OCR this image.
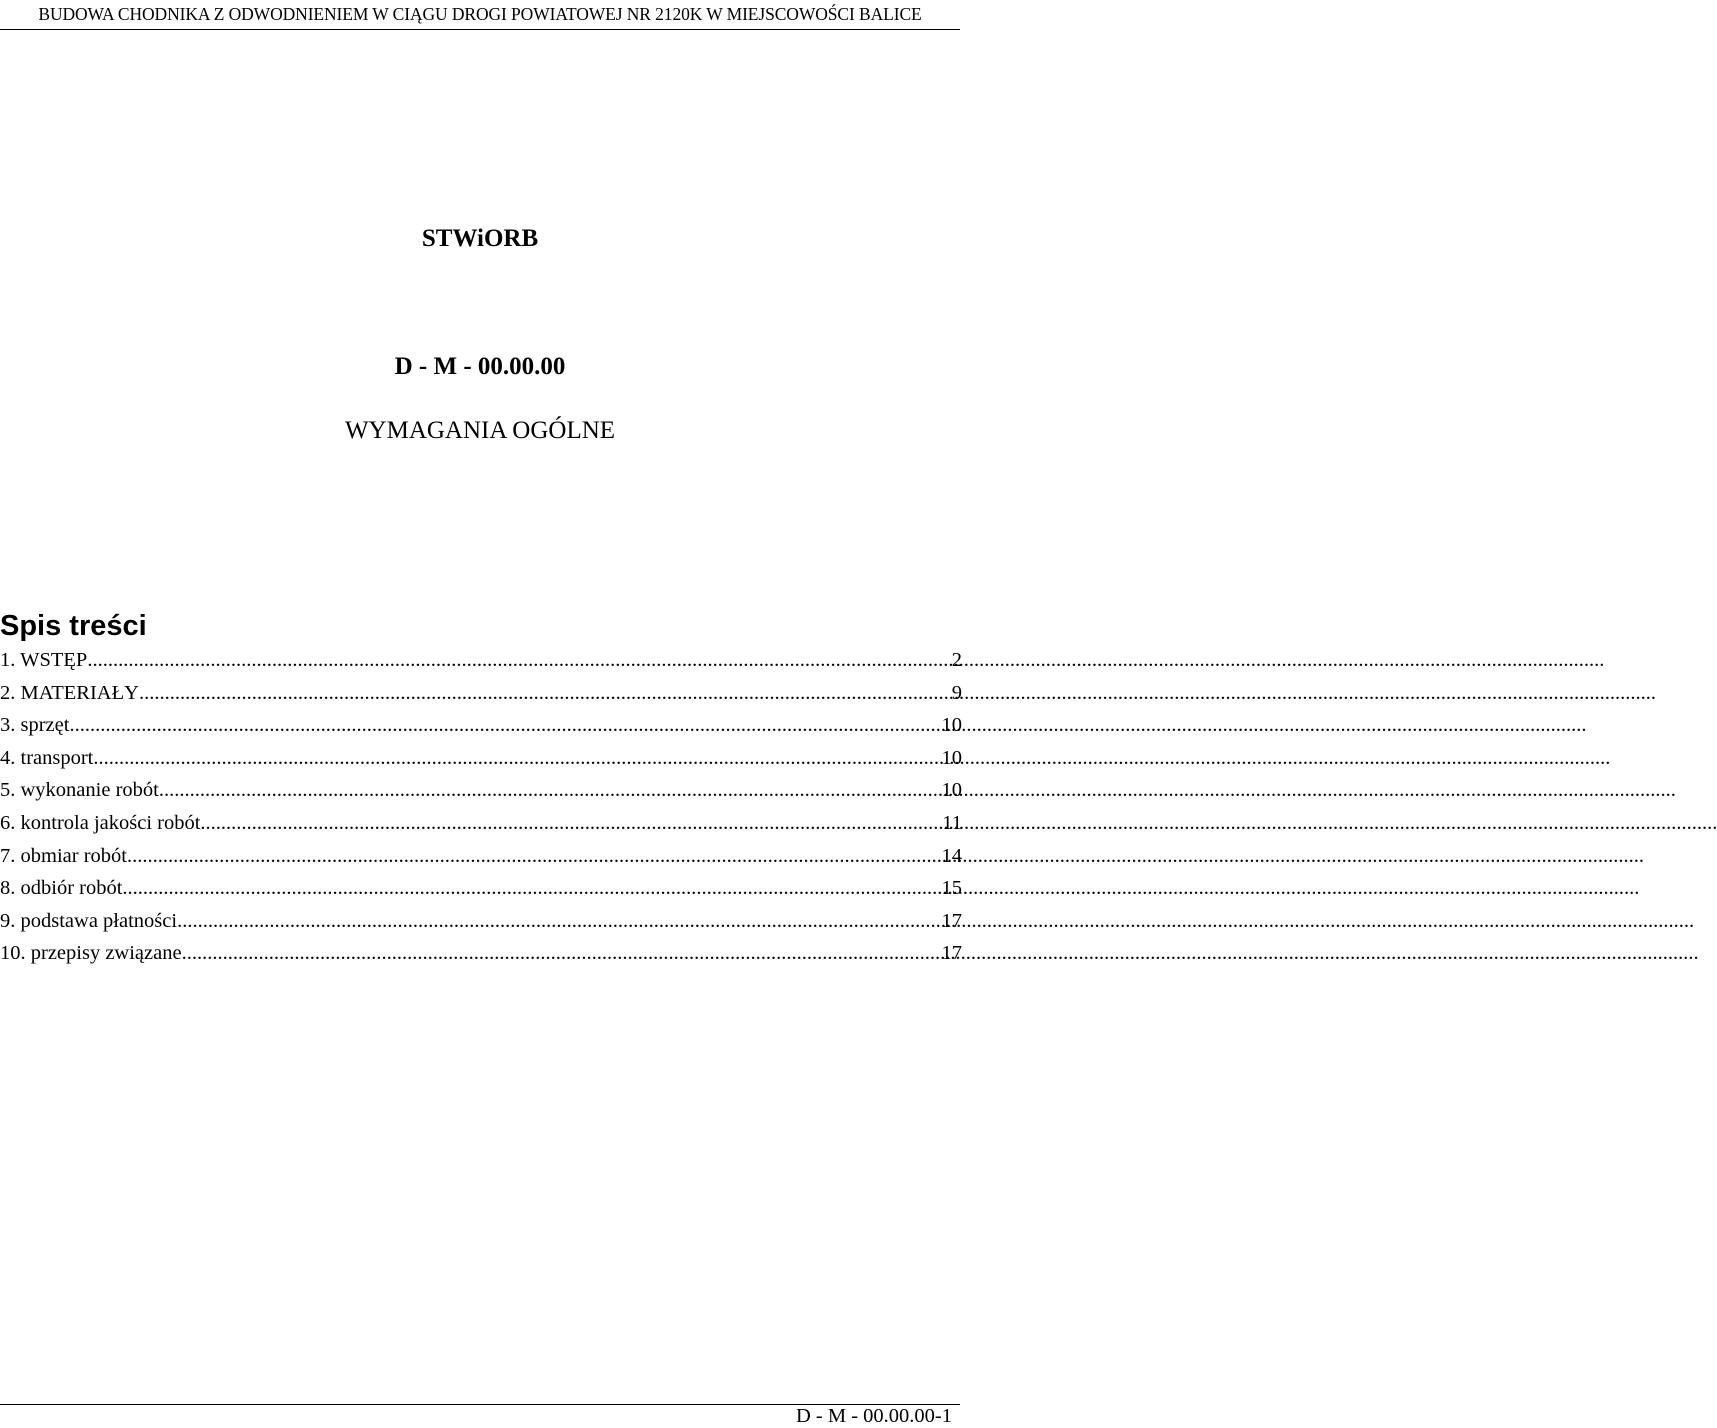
BUDOWA CHODNIKA Z ODWODNIENIEM W CIĄGU DROGI POWIATOWEJ NR 2120K W MIEJSCOWOŚCI BALICE
STWiORB
D - M - 00.00.00
WYMAGANIA OGÓLNE
Spis treści
1. WSTĘP .....	2
2. MATERIAŁY .....	9
3. sprzęt .....	10
4. transport .....	10
5. wykonanie robót .....	10
6. kontrola jakości robót .....	11
7. obmiar robót .....	14
8. odbiór robót .....	15
9. podstawa płatności .....	17
10. przepisy związane .....	17
D - M - 00.00.00-1
